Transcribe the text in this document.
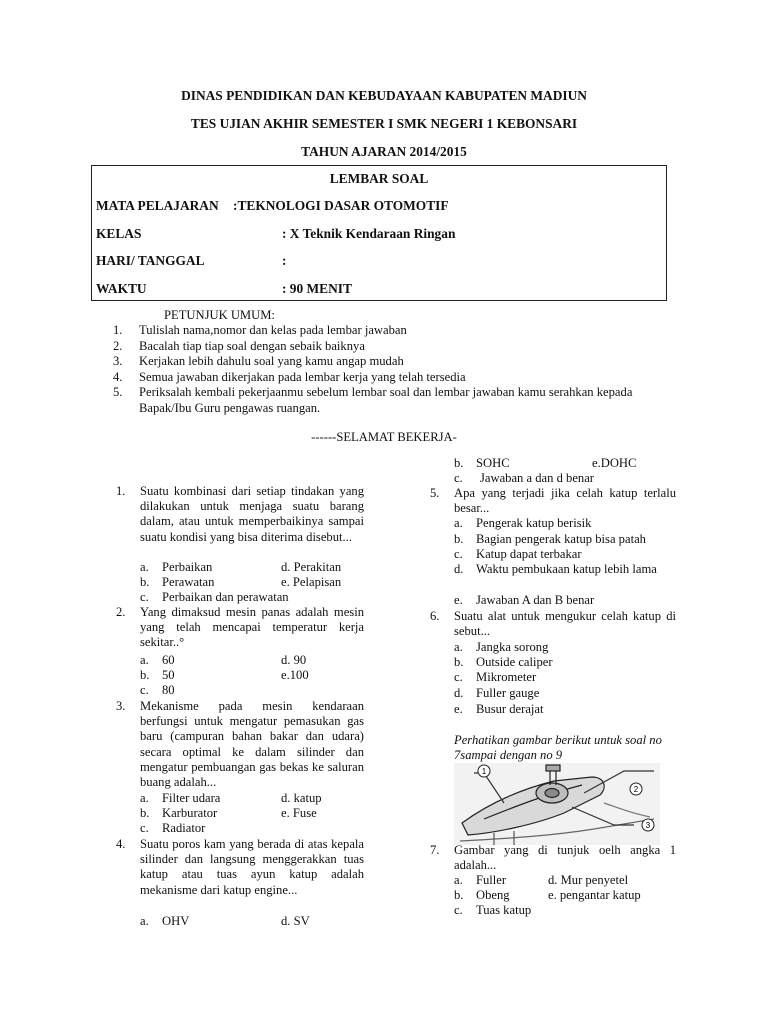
DINAS PENDIDIKAN DAN KEBUDAYAAN KABUPATEN MADIUN
TES UJIAN AKHIR SEMESTER I SMK NEGERI 1 KEBONSARI
TAHUN AJARAN 2014/2015
LEMBAR SOAL
MATA PELAJARAN :TEKNOLOGI DASAR OTOMOTIF
KELAS	: X Teknik Kendaraan Ringan
HARI/ TANGGAL	:
WAKTU	: 90 MENIT
PETUNJUK UMUM:
1. Tulislah nama,nomor dan kelas pada lembar jawaban
2. Bacalah tiap tiap soal dengan sebaik baiknya
3. Kerjakan lebih dahulu soal yang kamu angap mudah
4. Semua jawaban dikerjakan pada lembar kerja yang telah tersedia
5. Periksalah kembali pekerjaanmu sebelum lembar soal dan lembar jawaban kamu serahkan kepada Bapak/Ibu Guru pengawas ruangan.
------SELAMAT BEKERJA-
1. Suatu kombinasi dari setiap tindakan yang dilakukan untuk menjaga suatu barang dalam, atau untuk memperbaikinya sampai suatu kondisi yang bisa diterima disebut...
a. Perbaikan	d. Perakitan
b. Perawatan	e. Pelapisan
c. Perbaikan dan perawatan
2. Yang dimaksud mesin panas adalah mesin yang telah mencapai temperatur kerja sekitar..°
a. 60	d. 90
b. 50	e.100
c. 80
3. Mekanisme pada mesin kendaraan berfungsi untuk mengatur pemasukan gas baru (campuran bahan bakar dan udara) secara optimal ke dalam silinder dan mengatur pembuangan gas bekas ke saluran buang adalah...
a. Filter udara	d. katup
b. Karburator	e. Fuse
c. Radiator
4. Suatu poros kam yang berada di atas kepala silinder dan langsung menggerakkan tuas katup atau tuas ayun katup adalah mekanisme dari katup engine...
a. OHV	d. SV
b. SOHC	e.DOHC
c. Jawaban a dan d benar
5. Apa yang terjadi jika celah katup terlalu besar...
a. Pengerak katup berisik
b. Bagian pengerak katup bisa patah
c. Katup dapat terbakar
d. Waktu pembukaan katup lebih lama
e. Jawaban A dan B benar
6. Suatu alat untuk mengukur celah katup di sebut...
a. Jangka sorong
b. Outside caliper
c. Mikrometer
d. Fuller gauge
e. Busur derajat
Perhatikan gambar berikut untuk soal no 7sampai dengan no 9
1
2
3
7. Gambar yang di tunjuk oelh angka 1 adalah...
a. Fuller	d. Mur penyetel
b. Obeng	e. pengantar katup
c. Tuas katup
